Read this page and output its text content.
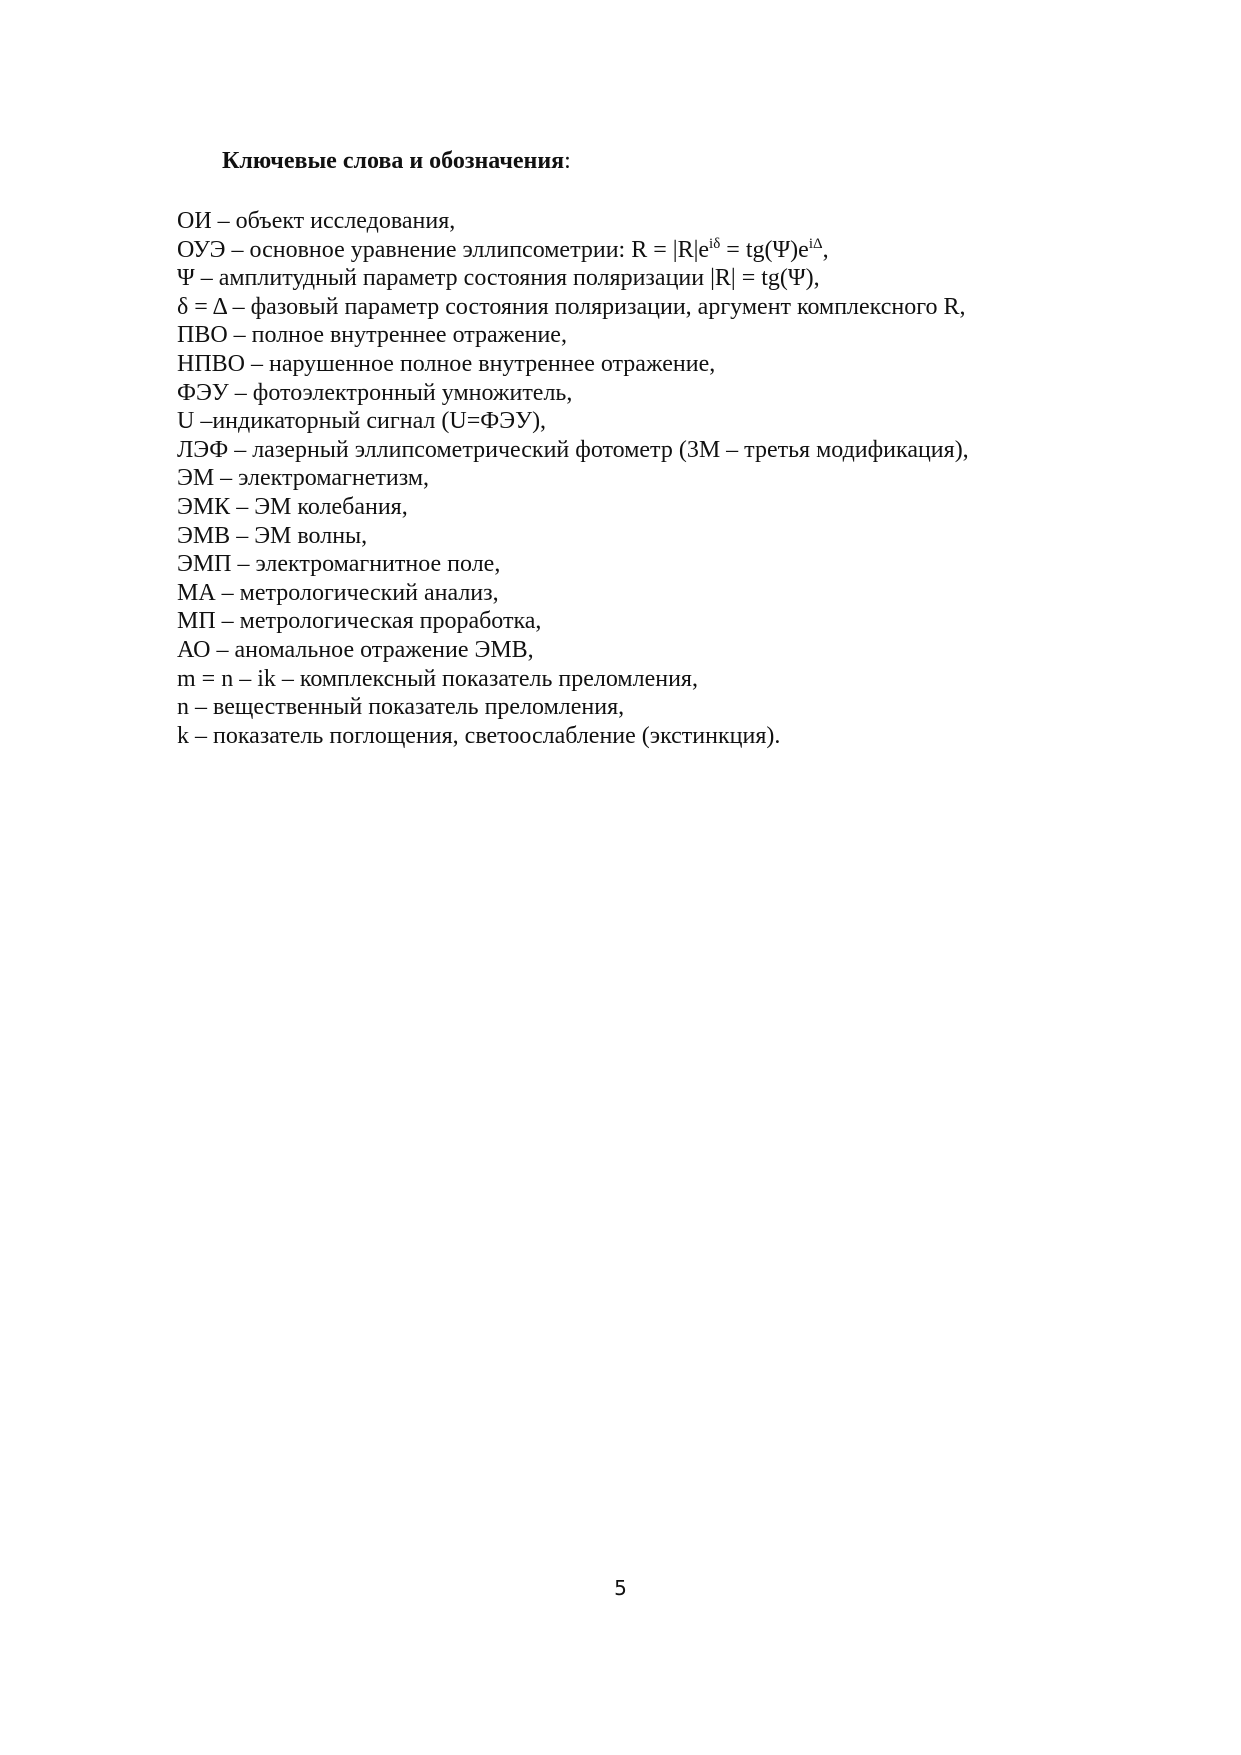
Ключевые слова и обозначения:
ОИ – объект исследования,
ОУЭ – основное уравнение эллипсометрии: $R = |R|e^{i\delta} = tg(\Psi)e^{i\Delta}$,
Ψ – амплитудный параметр состояния поляризации |R| = tg(Ψ),
δ = Δ – фазовый параметр состояния поляризации, аргумент комплексного R,
ПВО – полное внутреннее отражение,
НПВО – нарушенное полное внутреннее отражение,
ФЭУ – фотоэлектронный умножитель,
U –индикаторный сигнал (U=ФЭУ),
ЛЭФ – лазерный эллипсометрический фотометр (3М – третья модификация),
ЭМ – электромагнетизм,
ЭМК – ЭМ колебания,
ЭМВ – ЭМ волны,
ЭМП – электромагнитное поле,
МА – метрологический анализ,
МП – метрологическая проработка,
АО – аномальное отражение ЭМВ,
m = n – ik – комплексный показатель преломления,
n – вещественный показатель преломления,
k – показатель поглощения, светоослабление (экстинкция).
5
